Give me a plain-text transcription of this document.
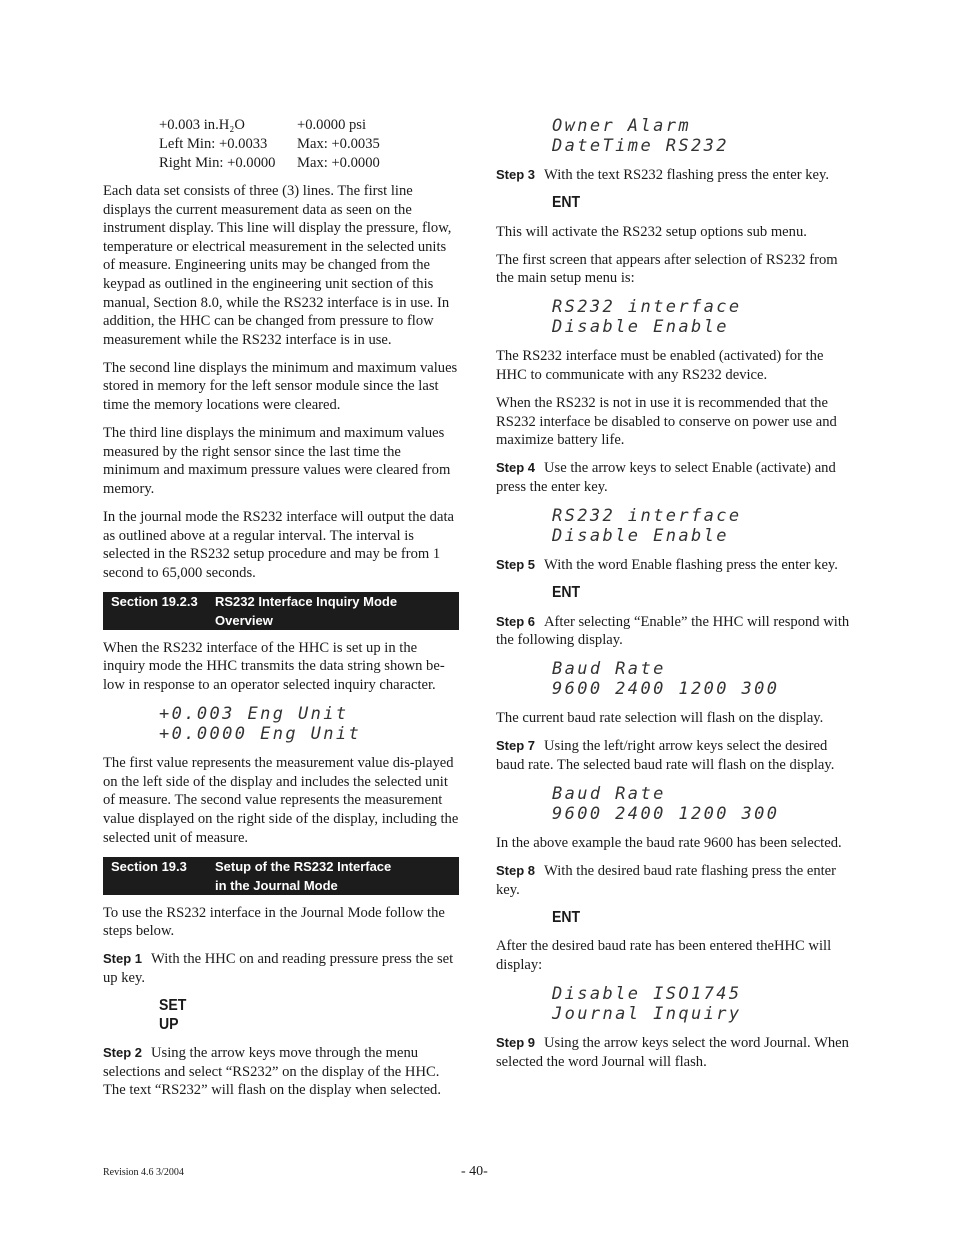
+0.003 in.H₂O	+0.0000 psi
Left Min: +0.0033	Max: +0.0035
Right Min: +0.0000	Max: +0.0000

Each data set consists of three (3) lines. The first line displays the current measurement data as seen on the instrument display. This line will display the pressure, flow, temperature or electrical measurement in the selected units of measure. Engineering units may be changed from the keypad as outlined in the engineering unit section of this manual, Section 8.0, while the RS232 interface is in use. In addition, the HHC can be changed from pressure to flow measurement while the RS232 interface is in use.

The second line displays the minimum and maximum values stored in memory for the left sensor module since the last time the memory locations were cleared.

The third line displays the minimum and maximum values measured by the right sensor since the last time the minimum and maximum pressure values were cleared from memory.

In the journal mode the RS232 interface will output the data as outlined above at a regular interval. The interval is selected in the RS232 setup procedure and may be from 1 second to 65,000 seconds.

Section 19.2.3	RS232 Interface Inquiry Mode
Overview

When the RS232 interface of the HHC is set up in the inquiry mode the HHC transmits the data string shown be-low in response to an operator selected inquiry character.

+0.003 Eng Unit
+0.0000 Eng Unit

The first value represents the measurement value dis-played on the left side of the display and includes the selected unit of measure. The second value represents the measurement value displayed on the right side of the display, including the selected unit of measure.

Section 19.3	Setup of the RS232 Interface
in the Journal Mode

To use the RS232 interface in the Journal Mode follow the steps below.

Step 1 With the HHC on and reading pressure press the set up key.

SET
UP

Step 2 Using the arrow keys move through the menu selections and select “RS232” on the display of the HHC. The text “RS232” will flash on the display when selected.

Owner Alarm
DateTime RS232

Step 3 With the text RS232 flashing press the enter key.

ENT

This will activate the RS232 setup options sub menu.

The first screen that appears after selection of RS232 from the main setup menu is:

RS232 interface
Disable Enable

The RS232 interface must be enabled (activated) for the HHC to communicate with any RS232 device.

When the RS232 is not in use it is recommended that the RS232 interface be disabled to conserve on power use and maximize battery life.

Step 4 Use the arrow keys to select Enable (activate) and press the enter key.

RS232 interface
Disable Enable

Step 5 With the word Enable flashing press the enter key.

ENT

Step 6 After selecting “Enable” the HHC will respond with the following display.

Baud Rate
9600 2400 1200 300

The current baud rate selection will flash on the display.

Step 7 Using the left/right arrow keys select the desired baud rate. The selected baud rate will flash on the display.

Baud Rate
9600 2400 1200 300

In the above example the baud rate 9600 has been selected.

Step 8 With the desired baud rate flashing press the enter key.

ENT

After the desired baud rate has been entered theHHC will display:

Disable ISO1745
Journal Inquiry

Step 9 Using the arrow keys select the word Journal. When selected the word Journal will flash.

Revision 4.6 3/2004	- 40-
